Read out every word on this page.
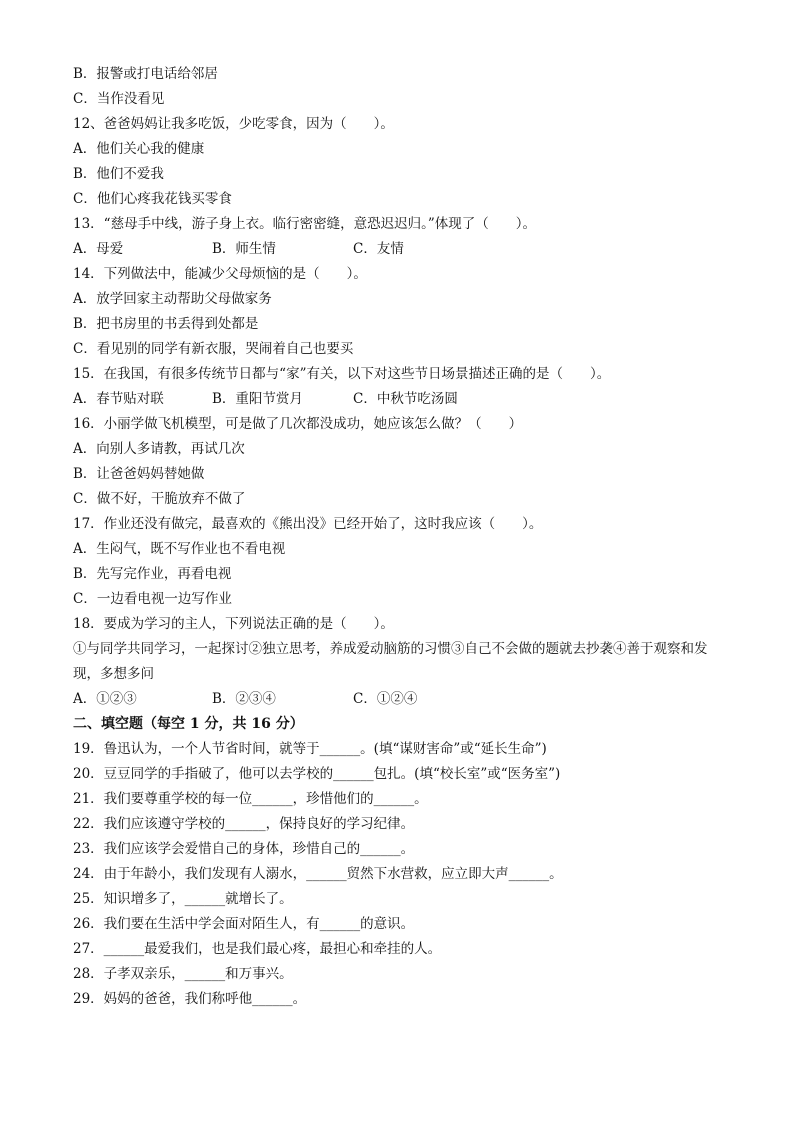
B．报警或打电话给邻居
C．当作没看见
12、爸爸妈妈让我多吃饭，少吃零食，因为（　　）。
A．他们关心我的健康
B．他们不爱我
C．他们心疼我花钱买零食
13．“慈母手中线，游子身上衣。临行密密缝，意恐迟迟归。”体现了（　　）。
A．母爱	B．师生情	C．友情
14．下列做法中，能减少父母烦恼的是（　　）。
A．放学回家主动帮助父母做家务
B．把书房里的书丢得到处都是
C．看见别的同学有新衣服，哭闹着自己也要买
15．在我国，有很多传统节日都与“家”有关，以下对这些节日场景描述正确的是（　　）。
A．春节贴对联	B．重阳节赏月	C．中秋节吃汤圆
16．小丽学做飞机模型，可是做了几次都没成功，她应该怎么做？（　　）
A．向别人多请教，再试几次
B．让爸爸妈妈替她做
C．做不好，干脆放弃不做了
17．作业还没有做完，最喜欢的《熊出没》已经开始了，这时我应该（　　）。
A．生闷气，既不写作业也不看电视
B．先写完作业，再看电视
C．一边看电视一边写作业
18．要成为学习的主人，下列说法正确的是（　　）。
①与同学共同学习，一起探讨②独立思考，养成爱动脑筋的习惯③自己不会做的题就去抄袭④善于观察和发现，多想多问
A．①②③	B．②③④	C．①②④
二、填空题（每空 1 分，共 16 分）
19．鲁迅认为，一个人节省时间，就等于______。(填“谋财害命”或“延长生命”)
20．豆豆同学的手指破了，他可以去学校的______包扎。(填“校长室”或“医务室”)
21．我们要尊重学校的每一位______，珍惜他们的______。
22．我们应该遵守学校的______，保持良好的学习纪律。
23．我们应该学会爱惜自己的身体，珍惜自己的______。
24．由于年龄小，我们发现有人溺水，______贸然下水营救，应立即大声______。
25．知识增多了，______就增长了。
26．我们要在生活中学会面对陌生人，有______的意识。
27．______最爱我们，也是我们最心疼，最担心和牵挂的人。
28．子孝双亲乐，______和万事兴。
29．妈妈的爸爸，我们称呼他______。
